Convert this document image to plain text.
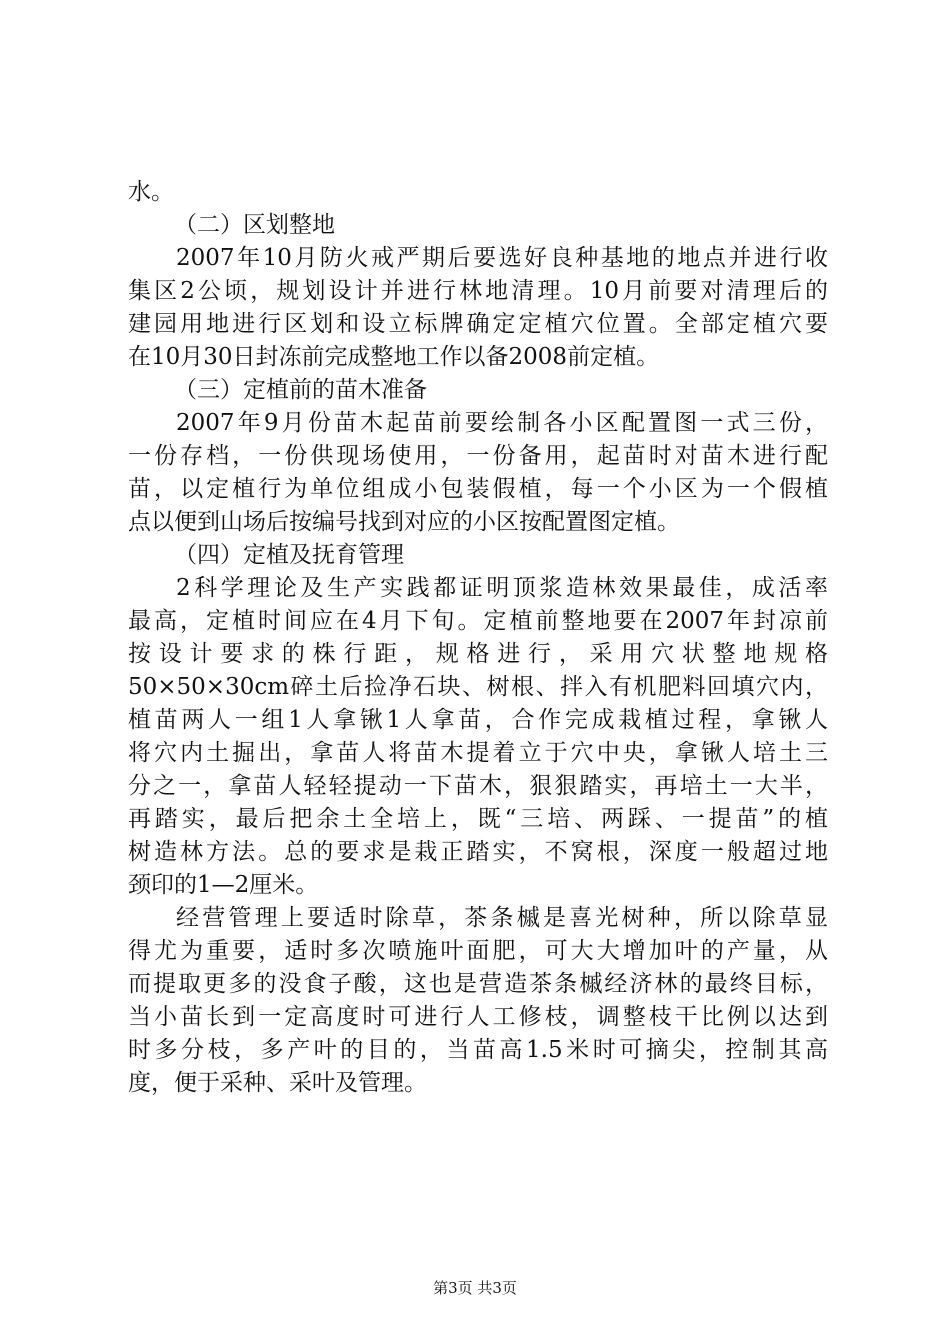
水。
（二）区划整地
2007年10月防火戒严期后要选好良种基地的地点并进行收
集区2公顷，规划设计并进行林地清理。10月前要对清理后的
建园用地进行区划和设立标牌确定定植穴位置。全部定植穴要
在10月30日封冻前完成整地工作以备2008前定植。
（三）定植前的苗木准备
2007年9月份苗木起苗前要绘制各小区配置图一式三份，
一份存档，一份供现场使用，一份备用，起苗时对苗木进行配
苗，以定植行为单位组成小包装假植，每一个小区为一个假植
点以便到山场后按编号找到对应的小区按配置图定植。
（四）定植及抚育管理
2科学理论及生产实践都证明顶浆造林效果最佳，成活率
最高，定植时间应在4月下旬。定植前整地要在2007年封凉前
按设计要求的株行距，规格进行，采用穴状整地规格
50×50×30cm碎土后捡净石块、树根、拌入有机肥料回填穴内，
植苗两人一组1人拿锹1人拿苗，合作完成栽植过程，拿锹人
将穴内土掘出，拿苗人将苗木提着立于穴中央，拿锹人培土三
分之一，拿苗人轻轻提动一下苗木，狠狠踏实，再培土一大半，
再踏实，最后把余土全培上，既“三培、两踩、一提苗”的植
树造林方法。总的要求是栽正踏实，不窝根，深度一般超过地
颈印的1—2厘米。
经营管理上要适时除草，茶条槭是喜光树种，所以除草显
得尤为重要，适时多次喷施叶面肥，可大大增加叶的产量，从
而提取更多的没食子酸，这也是营造茶条槭经济林的最终目标，
当小苗长到一定高度时可进行人工修枝，调整枝干比例以达到
时多分枝，多产叶的目的，当苗高1.5米时可摘尖，控制其高
度，便于采种、采叶及管理。
第3页 共3页
